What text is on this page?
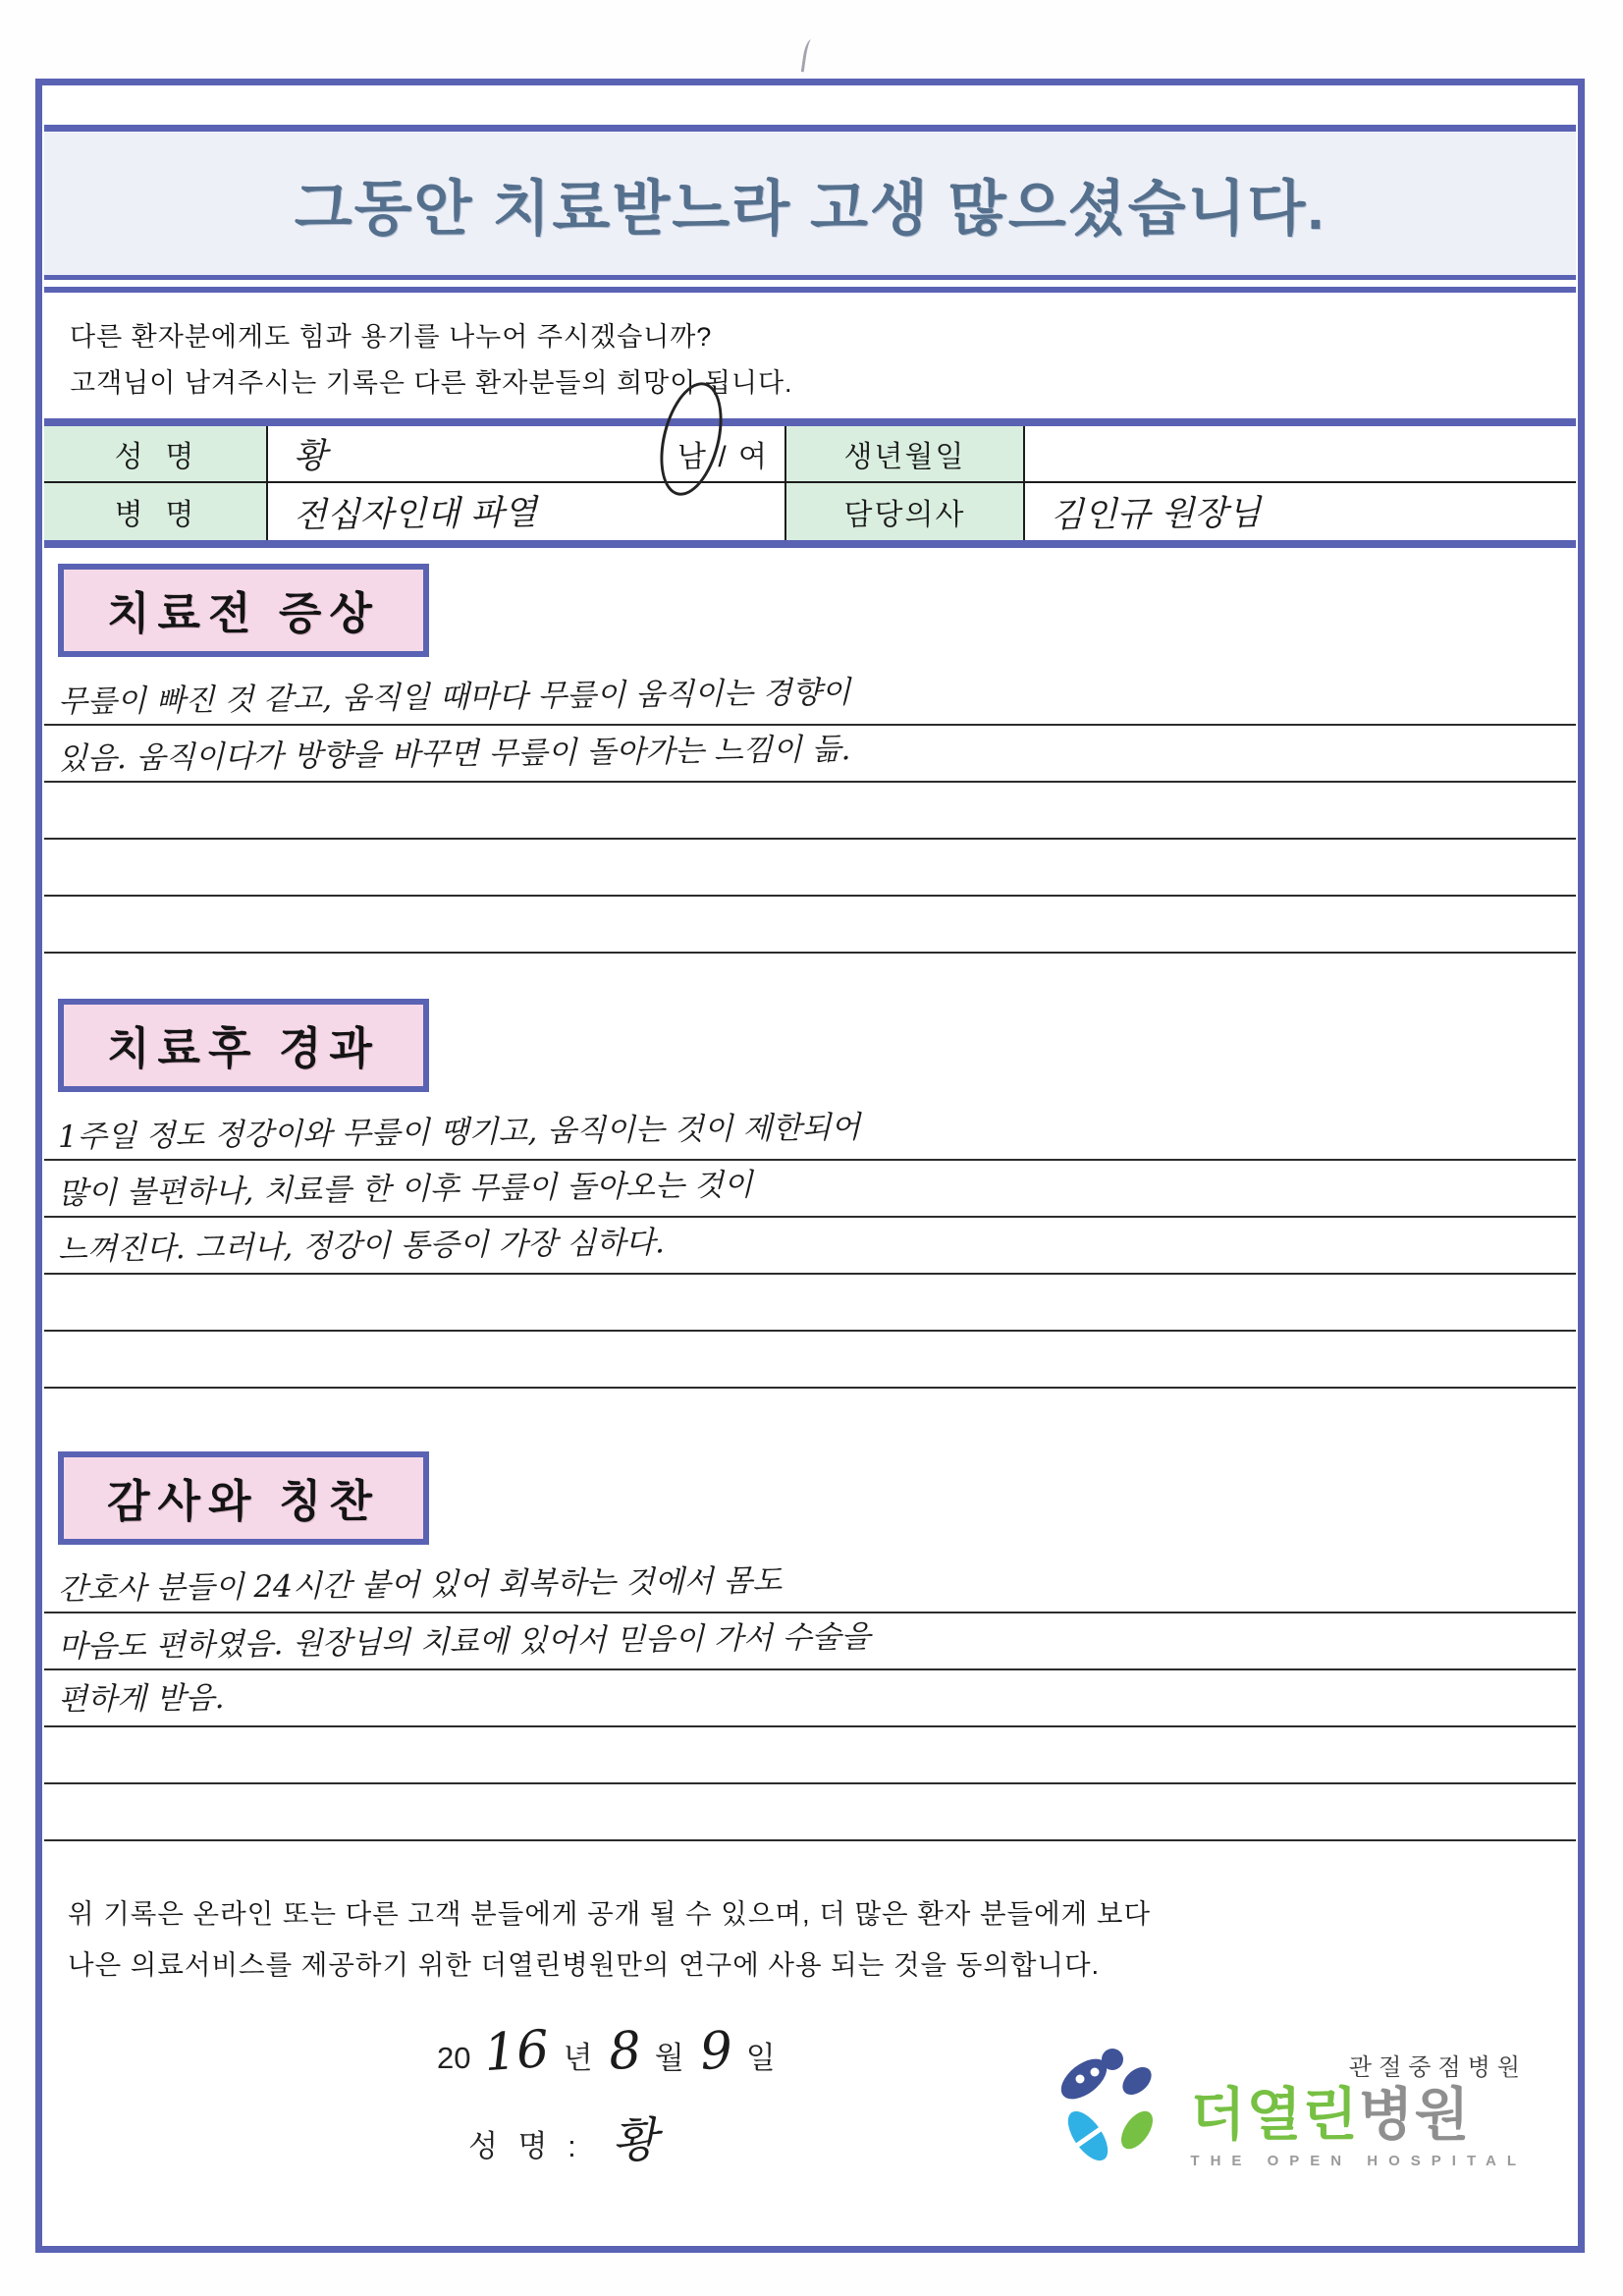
그동안 치료받느라 고생 많으셨습니다.
다른 환자분에게도 힘과 용기를 나누어 주시겠습니까?
고객님이 남겨주시는 기록은 다른 환자분들의 희망이 됩니다.
성  명	황	남 / 여	생년월일
병  명	전십자인대 파열	담당의사	김인규 원장님
치료전 증상
무릎이 빠진 것 같고, 움직일 때마다 무릎이 움직이는 경향이
있음. 움직이다가 방향을 바꾸면 무릎이 돌아가는 느낌이 듦.
치료후 경과
1주일 정도 정강이와 무릎이 땡기고, 움직이는 것이 제한되어
많이 불편하나, 치료를 한 이후 무릎이 돌아오는 것이
느껴진다. 그러나, 정강이 통증이 가장 심하다.
감사와 칭찬
간호사 분들이 24시간 붙어 있어 회복하는 것에서 몸도
마음도 편하였음. 원장님의 치료에 있어서 믿음이 가서 수술을
편하게 받음.
위 기록은 온라인 또는 다른 고객 분들에게 공개 될 수 있으며, 더 많은 환자 분들에게 보다
나은 의료서비스를 제공하기 위한 더열린병원만의 연구에 사용 되는 것을 동의합니다.
20 16 년 8 월 9 일
성 명 : 황
관절중점병원
더열린병원
THE OPEN HOSPITAL
